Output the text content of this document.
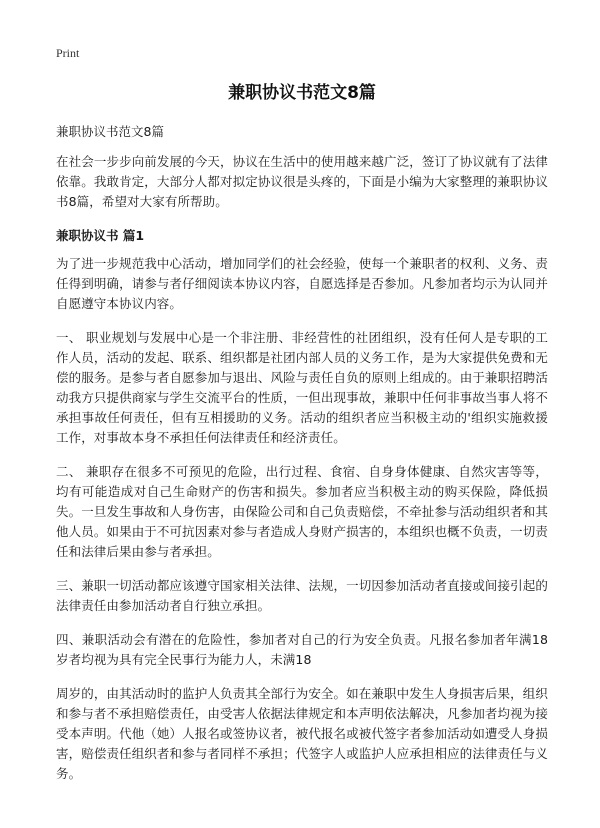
Print
兼职协议书范文8篇
兼职协议书范文8篇

在社会一步步向前发展的今天，协议在生活中的使用越来越广泛，签订了协议就有了法律依靠。我敢肯定，大部分人都对拟定协议很是头疼的，下面是小编为大家整理的兼职协议书8篇，希望对大家有所帮助。

兼职协议书 篇1

为了进一步规范我中心活动，增加同学们的社会经验，使每一个兼职者的权利、义务、责任得到明确，请参与者仔细阅读本协议内容，自愿选择是否参加。凡参加者均示为认同并自愿遵守本协议内容。

一、 职业规划与发展中心是一个非注册、非经营性的社团组织，没有任何人是专职的工作人员，活动的发起、联系、组织都是社团内部人员的义务工作，是为大家提供免费和无偿的服务。是参与者自愿参加与退出、风险与责任自负的原则上组成的。由于兼职招聘活动我方只提供商家与学生交流平台的性质，一但出现事故，兼职中任何非事故当事人将不承担事故任何责任，但有互相援助的义务。活动的组织者应当积极主动的'组织实施救援工作，对事故本身不承担任何法律责任和经济责任。

二、 兼职存在很多不可预见的危险，出行过程、食宿、自身身体健康、自然灾害等等，均有可能造成对自己生命财产的伤害和损失。参加者应当积极主动的购买保险，降低损失。一旦发生事故和人身伤害，由保险公司和自己负责赔偿，不牵扯参与活动组织者和其他人员。如果由于不可抗因素对参与者造成人身财产损害的，本组织也概不负责，一切责任和法律后果由参与者承担。

三、兼职一切活动都应该遵守国家相关法律、法规，一切因参加活动者直接或间接引起的法律责任由参加活动者自行独立承担。

四、兼职活动会有潜在的危险性，参加者对自己的行为安全负责。凡报名参加者年满18岁者均视为具有完全民事行为能力人，未满18

周岁的，由其活动时的监护人负责其全部行为安全。如在兼职中发生人身损害后果，组织和参与者不承担赔偿责任，由受害人依据法律规定和本声明依法解决，凡参加者均视为接受本声明。代他（她）人报名或签协议者，被代报名或被代签字者参加活动如遭受人身损害，赔偿责任组织者和参与者同样不承担；代签字人或监护人应承担相应的法律责任与义务。
